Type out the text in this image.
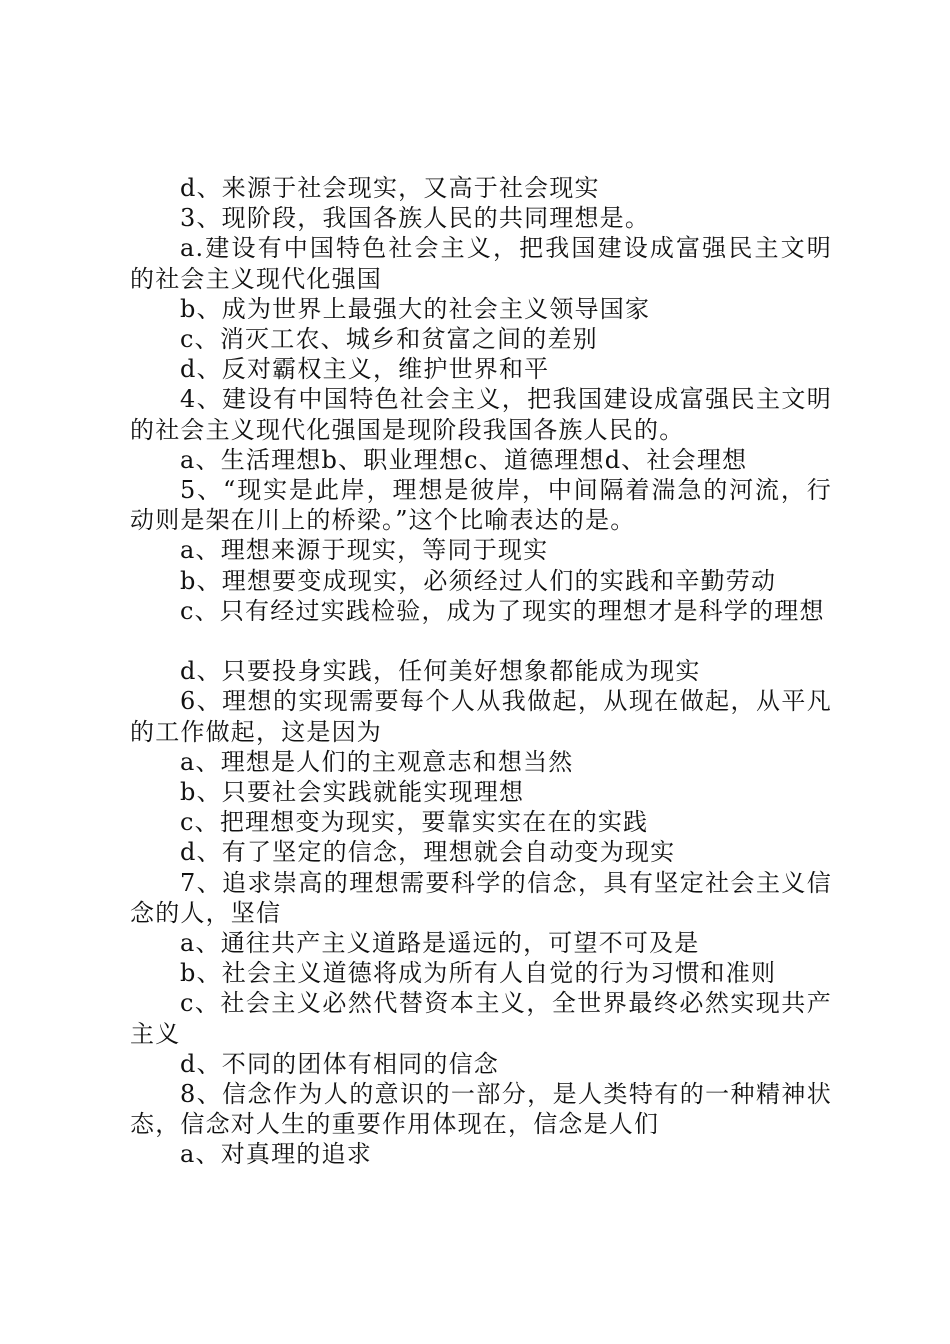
d、来源于社会现实，又高于社会现实

3、现阶段，我国各族人民的共同理想是。

a.建设有中国特色社会主义，把我国建设成富强民主文明的社会主义现代化强国

b、成为世界上最强大的社会主义领导国家

c、消灭工农、城乡和贫富之间的差别

d、反对霸权主义，维护世界和平

4、建设有中国特色社会主义，把我国建设成富强民主文明的社会主义现代化强国是现阶段我国各族人民的。

a、生活理想b、职业理想c、道德理想d、社会理想

5、“现实是此岸，理想是彼岸，中间隔着湍急的河流，行动则是架在川上的桥梁。”这个比喻表达的是。

a、理想来源于现实，等同于现实

b、理想要变成现实，必须经过人们的实践和辛勤劳动

c、只有经过实践检验，成为了现实的理想才是科学的理想

d、只要投身实践，任何美好想象都能成为现实

6、理想的实现需要每个人从我做起，从现在做起，从平凡的工作做起，这是因为

a、理想是人们的主观意志和想当然

b、只要社会实践就能实现理想

c、把理想变为现实，要靠实实在在的实践

d、有了坚定的信念，理想就会自动变为现实

7、追求崇高的理想需要科学的信念，具有坚定社会主义信念的人，坚信

a、通往共产主义道路是遥远的，可望不可及是

b、社会主义道德将成为所有人自觉的行为习惯和准则

c、社会主义必然代替资本主义，全世界最终必然实现共产主义

d、不同的团体有相同的信念

8、信念作为人的意识的一部分，是人类特有的一种精神状态，信念对人生的重要作用体现在，信念是人们

a、对真理的追求
